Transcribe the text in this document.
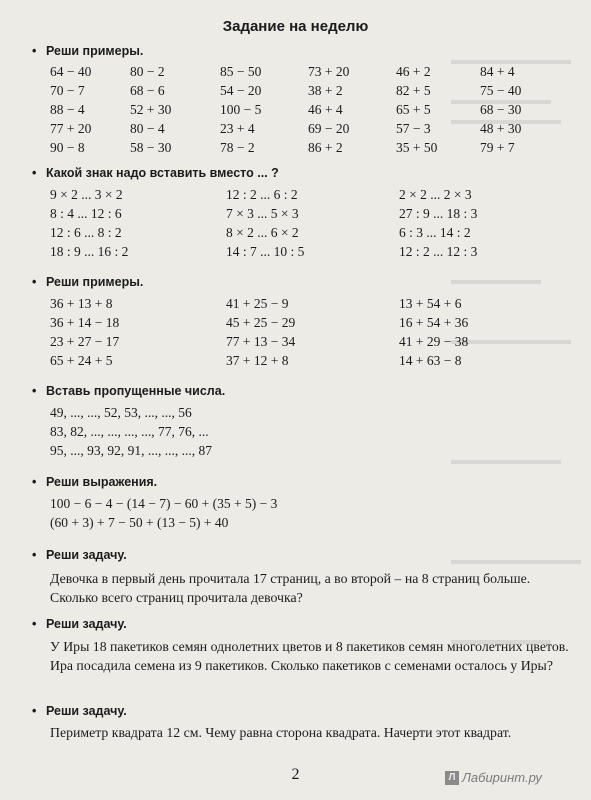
Задание на неделю
• Реши примеры.
64 − 40	80 − 2	85 − 50	73 + 20	46 + 2	84 + 4
70 − 7	68 − 6	54 − 20	38 + 2	82 + 5	75 − 40
88 − 4	52 + 30	100 − 5	46 + 4	65 + 5	68 − 30
77 + 20	80 − 4	23 + 4	69 − 20	57 − 3	48 + 30
90 − 8	58 − 30	78 − 2	86 + 2	35 + 50	79 + 7
• Какой знак надо вставить вместо ... ?
9 × 2 ... 3 × 2	12 : 2 ... 6 : 2	2 × 2 ... 2 × 3
8 : 4 ... 12 : 6	7 × 3 ... 5 × 3	27 : 9 ... 18 : 3
12 : 6 ... 8 : 2	8 × 2 ... 6 × 2	6 : 3 ... 14 : 2
18 : 9 ... 16 : 2	14 : 7 ... 10 : 5	12 : 2 ... 12 : 3
• Реши примеры.
36 + 13 + 8	41 + 25 − 9	13 + 54 + 6
36 + 14 − 18	45 + 25 − 29	16 + 54 + 36
23 + 27 − 17	77 + 13 − 34	41 + 29 − 38
65 + 24 + 5	37 + 12 + 8	14 + 63 − 8
• Вставь пропущенные числа.
49, ..., ..., 52, 53, ..., ..., 56
83, 82, ..., ..., ..., ..., 77, 76, ...
95, ..., 93, 92, 91, ..., ..., ..., 87
• Реши выражения.
100 − 6 − 4 − (14 − 7) − 60 + (35 + 5) − 3
(60 + 3) + 7 − 50 + (13 − 5) + 40
• Реши задачу.
Девочка в первый день прочитала 17 страниц, а во второй – на 8 страниц больше. Сколько всего страниц прочитала девочка?
• Реши задачу.
У Иры 18 пакетиков семян однолетних цветов и 8 пакетиков семян многолетних цветов. Ира посадила семена из 9 пакетиков. Сколько пакетиков с семенами осталось у Иры?
• Реши задачу.
Периметр квадрата 12 см. Чему равна сторона квадрата. Начерти этот квадрат.
2	Л Лабиринт.ру
